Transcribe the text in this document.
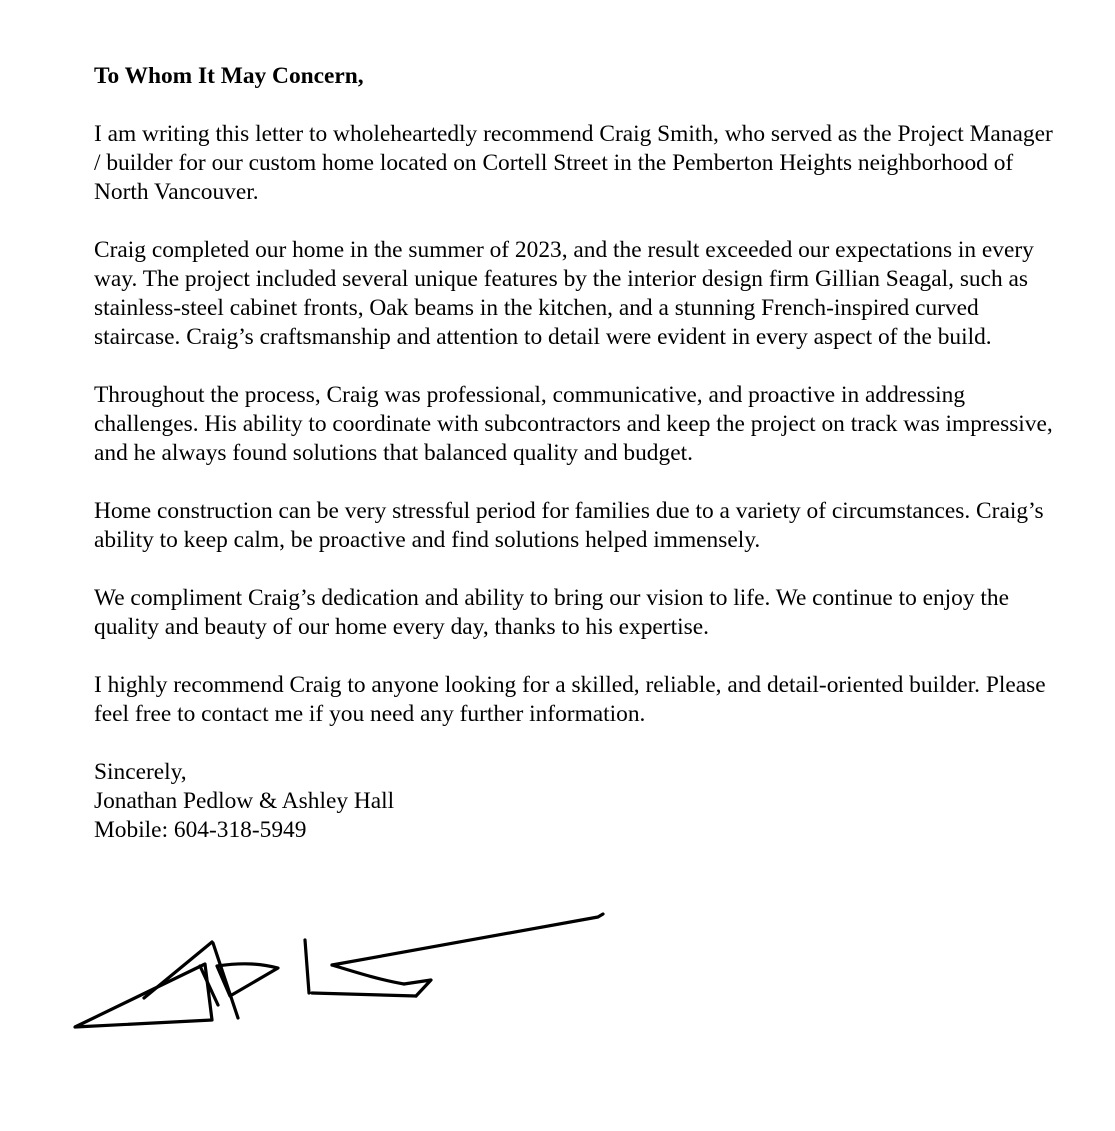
To Whom It May Concern,

I am writing this letter to wholeheartedly recommend Craig Smith, who served as the Project Manager / builder for our custom home located on Cortell Street in the Pemberton Heights neighborhood of North Vancouver.

Craig completed our home in the summer of 2023, and the result exceeded our expectations in every way. The project included several unique features by the interior design firm Gillian Seagal, such as stainless-steel cabinet fronts, Oak beams in the kitchen, and a stunning French-inspired curved staircase. Craig’s craftsmanship and attention to detail were evident in every aspect of the build.

Throughout the process, Craig was professional, communicative, and proactive in addressing challenges. His ability to coordinate with subcontractors and keep the project on track was impressive, and he always found solutions that balanced quality and budget.

Home construction can be very stressful period for families due to a variety of circumstances. Craig’s ability to keep calm, be proactive and find solutions helped immensely.

We compliment Craig’s dedication and ability to bring our vision to life. We continue to enjoy the quality and beauty of our home every day, thanks to his expertise.

I highly recommend Craig to anyone looking for a skilled, reliable, and detail-oriented builder. Please feel free to contact me if you need any further information.

Sincerely,
Jonathan Pedlow & Ashley Hall
Mobile: 604-318-5949
